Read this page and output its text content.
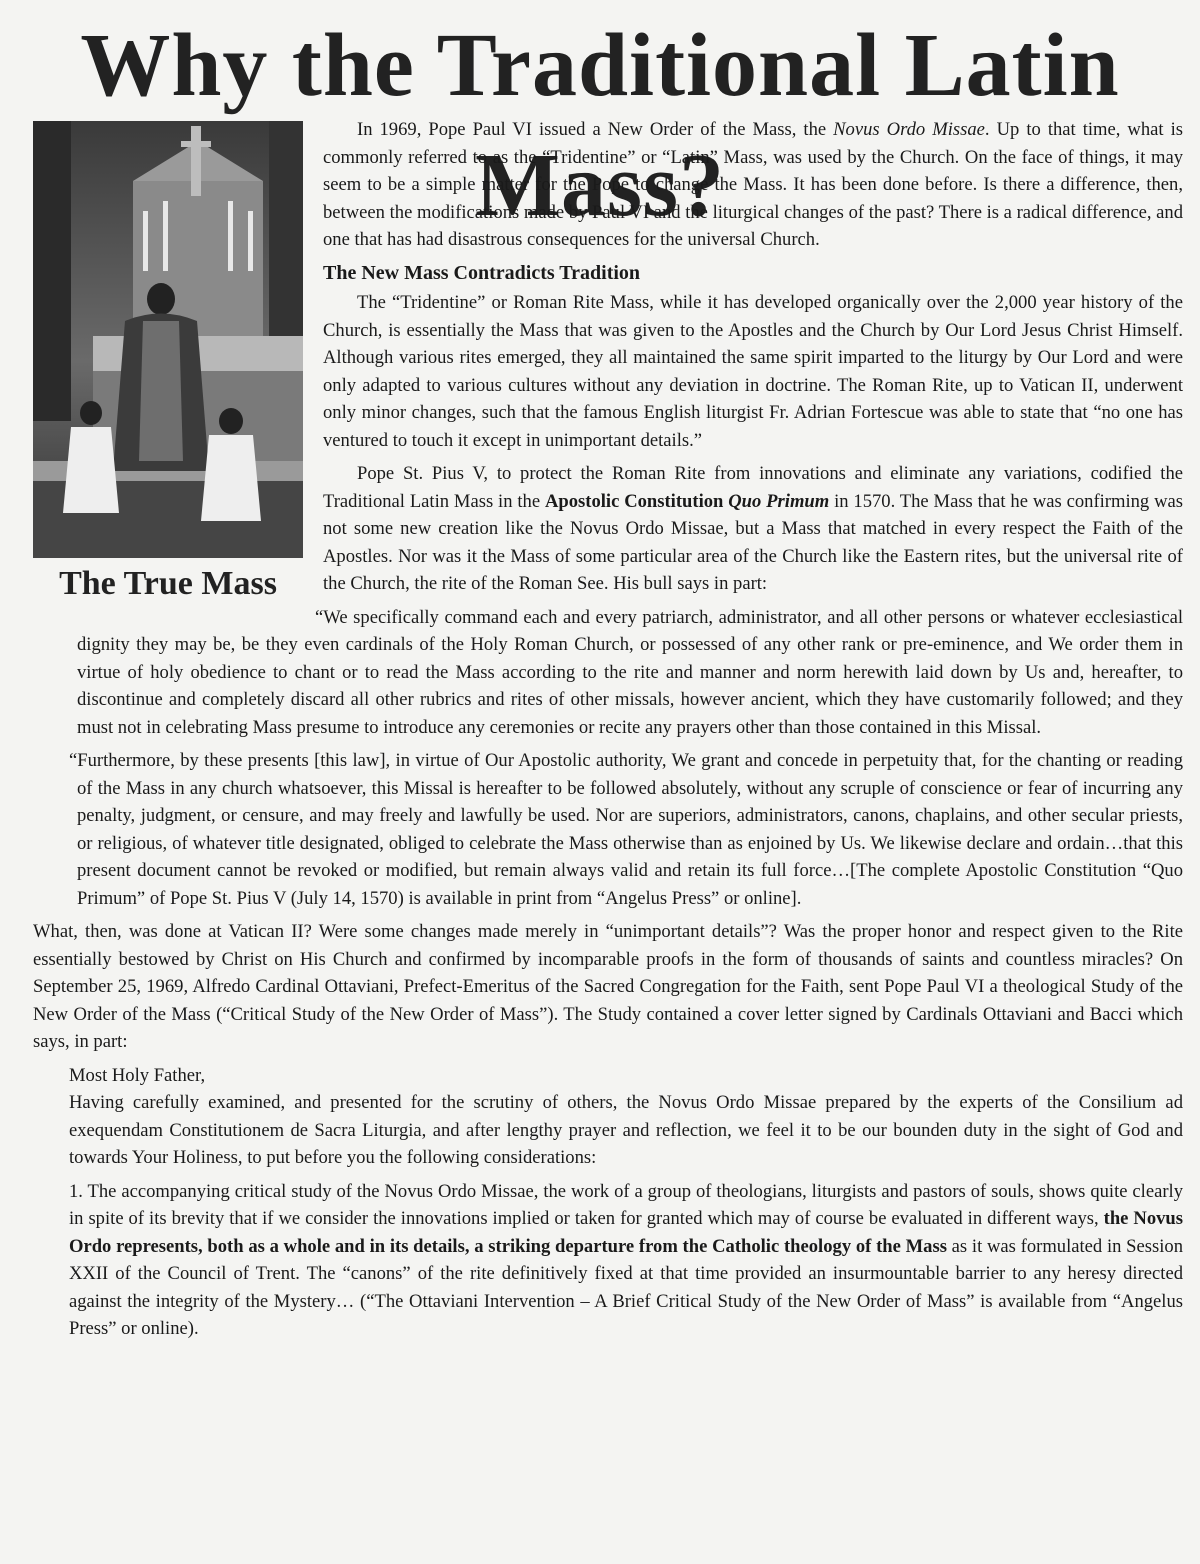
Why the Traditional Latin Mass?

The True Mass

In 1969, Pope Paul VI issued a New Order of the Mass, the Novus Ordo Missae. Up to that time, what is commonly referred to as the “Tridentine” or “Latin” Mass, was used by the Church. On the face of things, it may seem to be a simple matter for the Pope to change the Mass. It has been done before. Is there a difference, then, between the modifications made by Paul VI and the liturgical changes of the past? There is a radical difference, and one that has had disastrous consequences for the universal Church.

The New Mass Contradicts Tradition

The “Tridentine” or Roman Rite Mass, while it has developed organically over the 2,000 year history of the Church, is essentially the Mass that was given to the Apostles and the Church by Our Lord Jesus Christ Himself. Although various rites emerged, they all maintained the same spirit imparted to the liturgy by Our Lord and were only adapted to various cultures without any deviation in doctrine. The Roman Rite, up to Vatican II, underwent only minor changes, such that the famous English liturgist Fr. Adrian Fortescue was able to state that “no one has ventured to touch it except in unimportant details.”

Pope St. Pius V, to protect the Roman Rite from innovations and eliminate any variations, codified the Traditional Latin Mass in the Apostolic Constitution Quo Primum in 1570. The Mass that he was confirming was not some new creation like the Novus Ordo Missae, but a Mass that matched in every respect the Faith of the Apostles. Nor was it the Mass of some particular area of the Church like the Eastern rites, but the universal rite of the Church, the rite of the Roman See. His bull says in part:

“We specifically command each and every patriarch, administrator, and all other persons or whatever ecclesiastical dignity they may be, be they even cardinals of the Holy Roman Church, or possessed of any other rank or pre-eminence, and We order them in virtue of holy obedience to chant or to read the Mass according to the rite and manner and norm herewith laid down by Us and, hereafter, to discontinue and completely discard all other rubrics and rites of other missals, however ancient, which they have customarily followed; and they must not in celebrating Mass presume to introduce any ceremonies or recite any prayers other than those contained in this Missal.

“Furthermore, by these presents [this law], in virtue of Our Apostolic authority, We grant and concede in perpetuity that, for the chanting or reading of the Mass in any church whatsoever, this Missal is hereafter to be followed absolutely, without any scruple of conscience or fear of incurring any penalty, judgment, or censure, and may freely and lawfully be used. Nor are superiors, administrators, canons, chaplains, and other secular priests, or religious, of whatever title designated, obliged to celebrate the Mass otherwise than as enjoined by Us. We likewise declare and ordain…that this present document cannot be revoked or modified, but remain always valid and retain its full force…[The complete Apostolic Constitution “Quo Primum” of Pope St. Pius V (July 14, 1570) is available in print from “Angelus Press” or online].

What, then, was done at Vatican II? Were some changes made merely in “unimportant details”? Was the proper honor and respect given to the Rite essentially bestowed by Christ on His Church and confirmed by incomparable proofs in the form of thousands of saints and countless miracles? On September 25, 1969, Alfredo Cardinal Ottaviani, Prefect-Emeritus of the Sacred Congregation for the Faith, sent Pope Paul VI a theological Study of the New Order of the Mass (“Critical Study of the New Order of Mass”). The Study contained a cover letter signed by Cardinals Ottaviani and Bacci which says, in part:

Most Holy Father,

Having carefully examined, and presented for the scrutiny of others, the Novus Ordo Missae prepared by the experts of the Consilium ad exequendam Constitutionem de Sacra Liturgia, and after lengthy prayer and reflection, we feel it to be our bounden duty in the sight of God and towards Your Holiness, to put before you the following considerations:

1. The accompanying critical study of the Novus Ordo Missae, the work of a group of theologians, liturgists and pastors of souls, shows quite clearly in spite of its brevity that if we consider the innovations implied or taken for granted which may of course be evaluated in different ways, the Novus Ordo represents, both as a whole and in its details, a striking departure from the Catholic theology of the Mass as it was formulated in Session XXII of the Council of Trent. The “canons” of the rite definitively fixed at that time provided an insurmountable barrier to any heresy directed against the integrity of the Mystery… (“The Ottaviani Intervention – A Brief Critical Study of the New Order of Mass” is available from “Angelus Press” or online).
